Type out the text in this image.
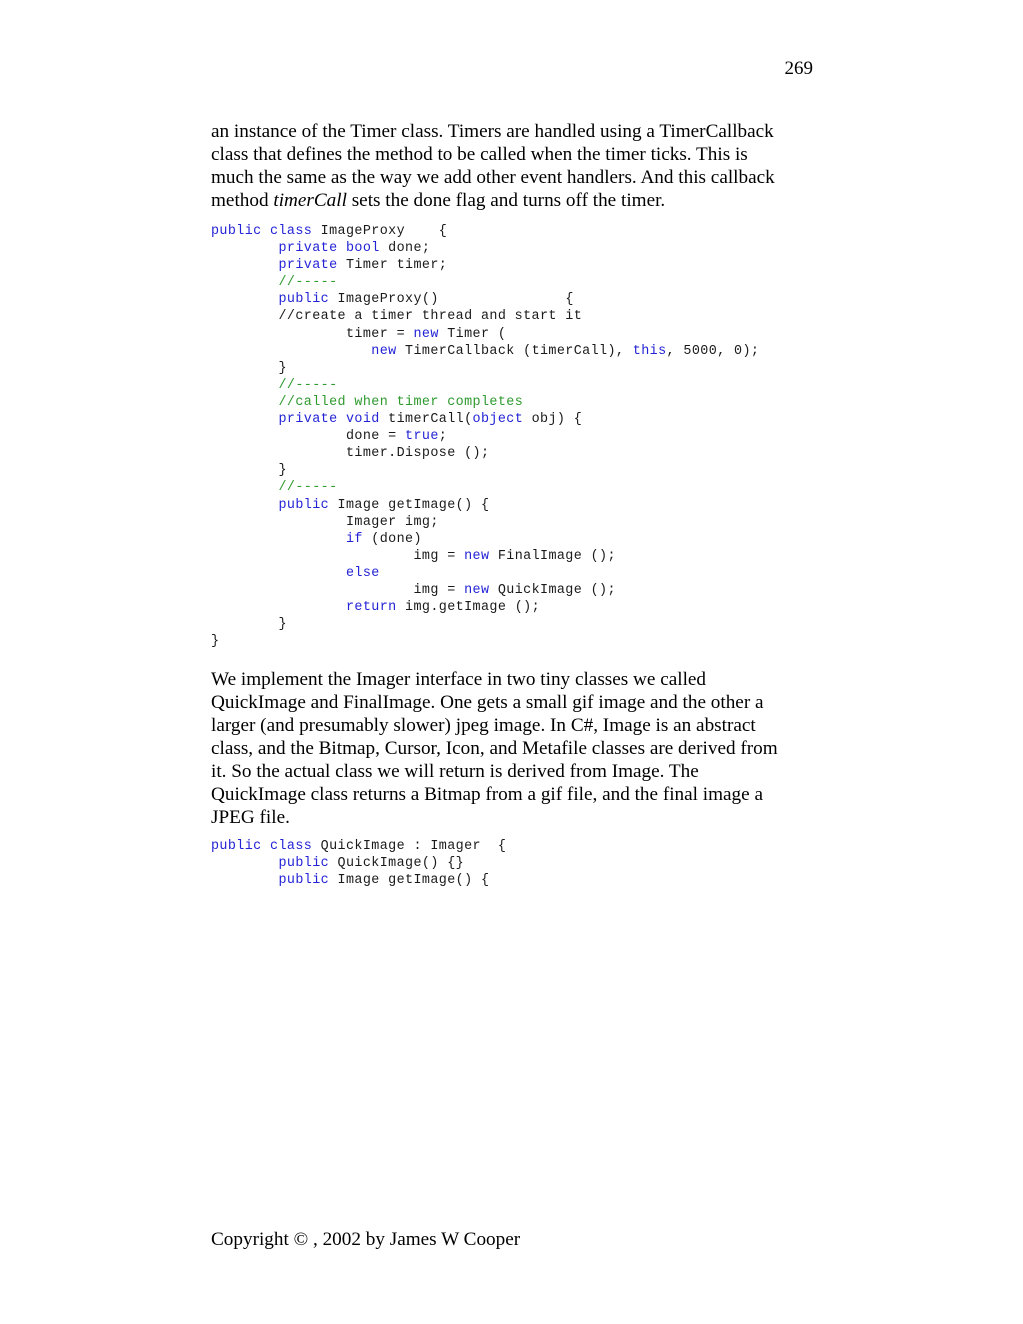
269

an instance of the Timer class. Timers are handled using a TimerCallback
class that defines the method to be called when the timer ticks. This is
much the same as the way we add other event handlers. And this callback
method timerCall sets the done flag and turns off the timer.

public class ImageProxy    {
private bool done;
private Timer timer;
//-----
public ImageProxy()               {
//create a timer thread and start it
timer = new Timer (
new TimerCallback (timerCall), this, 5000, 0);
}
//-----
//called when timer completes
private void timerCall(object obj) {
done = true;
timer.Dispose ();
}
//-----
public Image getImage() {
Imager img;
if (done)
img = new FinalImage ();
else
img = new QuickImage ();
return img.getImage ();
}
}
We implement the Imager interface in two tiny classes we called
QuickImage and FinalImage. One gets a small gif image and the other a
larger (and presumably slower) jpeg image. In C#, Image is an abstract
class, and the Bitmap, Cursor, Icon, and Metafile classes are derived from
it. So the actual class we will return is derived from Image. The
QuickImage class returns a Bitmap from a gif file, and the final image a
JPEG file.
public class QuickImage : Imager  {
public QuickImage() {}
public Image getImage() {
Copyright © , 2002 by James W Cooper
